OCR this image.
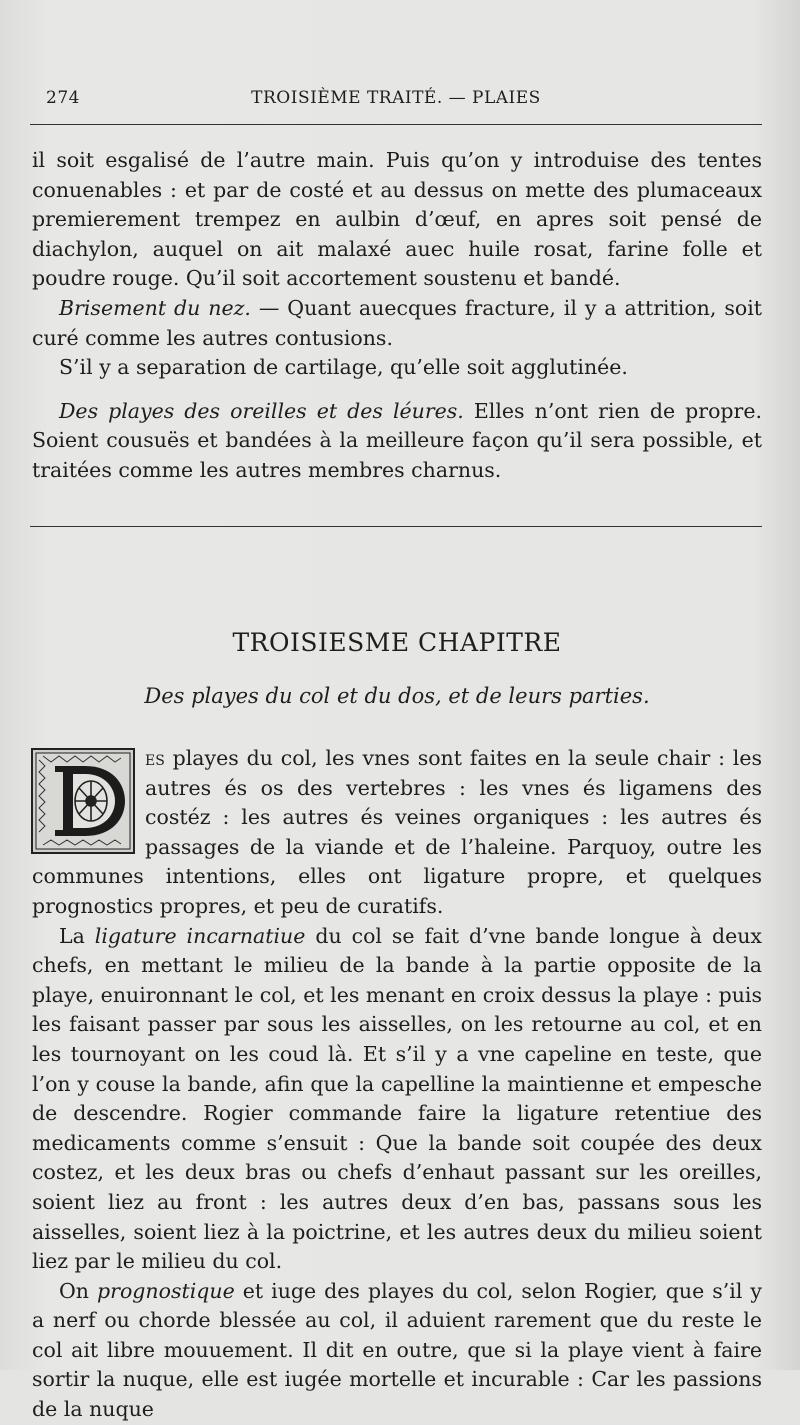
274	TROISIÈME TRAITÉ. — PLAIES

il soit esgalisé de l’autre main. Puis qu’on y introduise des tentes conuenables : et par de costé et au dessus on mette des plumaceaux premierement trempez en aulbin d’œuf, en apres soit pensé de diachylon, auquel on ait malaxé auec huile rosat, farine folle et poudre rouge. Qu’il soit accortement soustenu et bandé.

Brisement du nez. — Quant auecques fracture, il y a attrition, soit curé comme les autres contusions.

S’il y a separation de cartilage, qu’elle soit agglutinée.

Des playes des oreilles et des léures. Elles n’ont rien de propre. Soient cousuës et bandées à la meilleure façon qu’il sera possible, et traitées comme les autres membres charnus.

TROISIESME CHAPITRE
Des playes du col et du dos, et de leurs parties.

es playes du col, les vnes sont faites en la seule chair : les autres és os des vertebres : les vnes és ligamens des costéz : les autres és veines organiques : les autres és passages de la viande et de l’haleine. Parquoy, outre les communes intentions, elles ont ligature propre, et quelques prognostics propres, et peu de curatifs.

La ligature incarnatiue du col se fait d’vne bande longue à deux chefs, en mettant le milieu de la bande à la partie opposite de la playe, enuironnant le col, et les menant en croix dessus la playe : puis les faisant passer par sous les aisselles, on les retourne au col, et en les tournoyant on les coud là. Et s’il y a vne capeline en teste, que l’on y couse la bande, afin que la capelline la maintienne et empesche de descendre. Rogier commande faire la ligature retentiue des medicaments comme s’ensuit : Que la bande soit coupée des deux costez, et les deux bras ou chefs d’enhaut passant sur les oreilles, soient liez au front : les autres deux d’en bas, passans sous les aisselles, soient liez à la poictrine, et les autres deux du milieu soient liez par le milieu du col.

On prognostique et iuge des playes du col, selon Rogier, que s’il y a nerf ou chorde blessée au col, il aduient rarement que du reste le col ait libre mouuement. Il dit en outre, que si la playe vient à faire sortir la nuque, elle est iugée mortelle et incurable : Car les passions de la nuque
